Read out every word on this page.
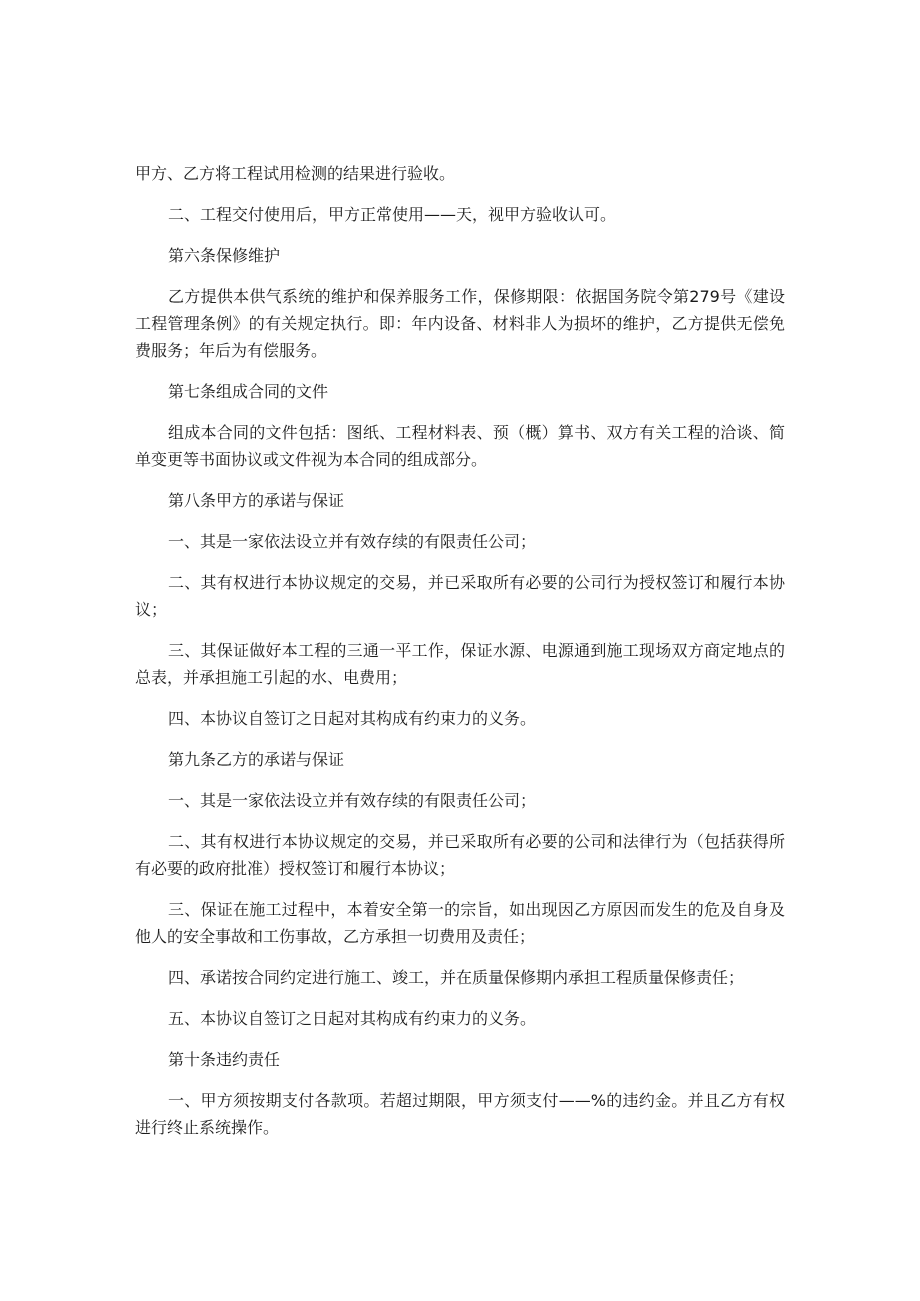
甲方、乙方将工程试用检测的结果进行验收。

二、工程交付使用后，甲方正常使用——天，视甲方验收认可。

第六条保修维护

乙方提供本供气系统的维护和保养服务工作，保修期限：依据国务院令第279号《建设工程管理条例》的有关规定执行。即：年内设备、材料非人为损坏的维护，乙方提供无偿免费服务；年后为有偿服务。

第七条组成合同的文件

组成本合同的文件包括：图纸、工程材料表、预（概）算书、双方有关工程的洽谈、简单变更等书面协议或文件视为本合同的组成部分。

第八条甲方的承诺与保证

一、其是一家依法设立并有效存续的有限责任公司；

二、其有权进行本协议规定的交易，并已采取所有必要的公司行为授权签订和履行本协议；

三、其保证做好本工程的三通一平工作，保证水源、电源通到施工现场双方商定地点的总表，并承担施工引起的水、电费用；

四、本协议自签订之日起对其构成有约束力的义务。

第九条乙方的承诺与保证

一、其是一家依法设立并有效存续的有限责任公司；

二、其有权进行本协议规定的交易，并已采取所有必要的公司和法律行为（包括获得所有必要的政府批准）授权签订和履行本协议；

三、保证在施工过程中，本着安全第一的宗旨，如出现因乙方原因而发生的危及自身及他人的安全事故和工伤事故，乙方承担一切费用及责任；

四、承诺按合同约定进行施工、竣工，并在质量保修期内承担工程质量保修责任；

五、本协议自签订之日起对其构成有约束力的义务。

第十条违约责任

一、甲方须按期支付各款项。若超过期限，甲方须支付——%的违约金。并且乙方有权进行终止系统操作。
